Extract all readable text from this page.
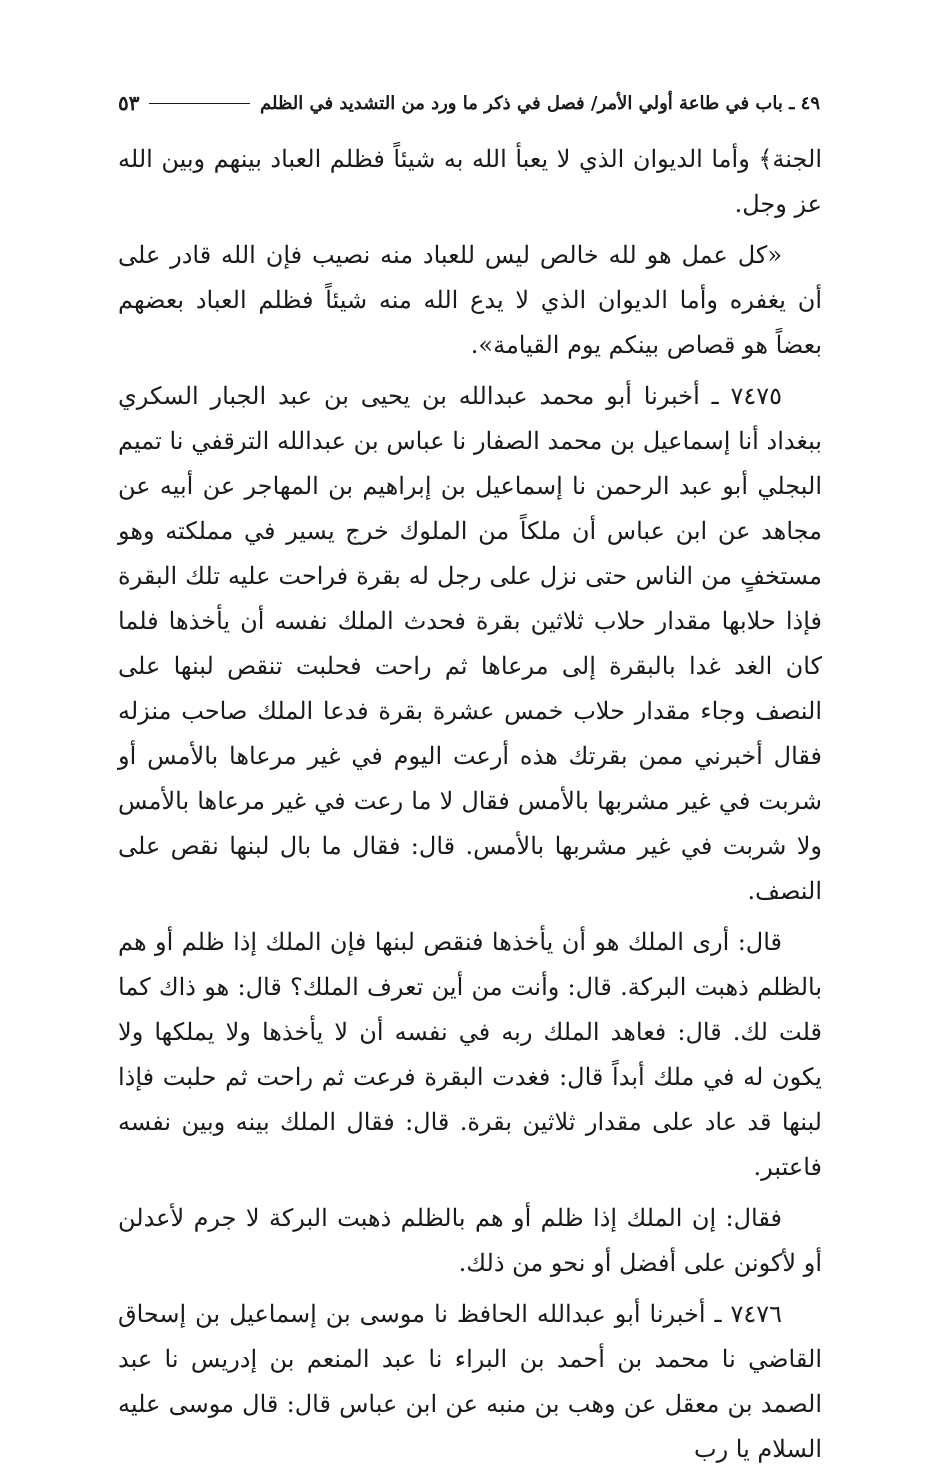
٤٩ ـ باب في طاعة أولي الأمر/ فصل في ذكر ما ورد من التشديد في الظلم
٥٣

الجنة﴾ وأما الديوان الذي لا يعبأ الله به شيئاً فظلم العباد بينهم وبين الله عز وجل.

«كل عمل هو لله خالص ليس للعباد منه نصيب فإن الله قادر على أن يغفره وأما الديوان الذي لا يدع الله منه شيئاً فظلم العباد بعضهم بعضاً هو قصاص بينكم يوم القيامة».

٧٤٧٥ ـ أخبرنا أبو محمد عبدالله بن يحيى بن عبد الجبار السكري ببغداد أنا إسماعيل بن محمد الصفار نا عباس بن عبدالله الترقفي نا تميم البجلي أبو عبد الرحمن نا إسماعيل بن إبراهيم بن المهاجر عن أبيه عن مجاهد عن ابن عباس أن ملكاً من الملوك خرج يسير في مملكته وهو مستخفٍ من الناس حتى نزل على رجل له بقرة فراحت عليه تلك البقرة فإذا حلابها مقدار حلاب ثلاثين بقرة فحدث الملك نفسه أن يأخذها فلما كان الغد غدا بالبقرة إلى مرعاها ثم راحت فحلبت تنقص لبنها على النصف وجاء مقدار حلاب خمس عشرة بقرة فدعا الملك صاحب منزله فقال أخبرني ممن بقرتك هذه أرعت اليوم في غير مرعاها بالأمس أو شربت في غير مشربها بالأمس فقال لا ما رعت في غير مرعاها بالأمس ولا شربت في غير مشربها بالأمس. قال: فقال ما بال لبنها نقص على النصف.

قال: أرى الملك هو أن يأخذها فنقص لبنها فإن الملك إذا ظلم أو هم بالظلم ذهبت البركة. قال: وأنت من أين تعرف الملك؟ قال: هو ذاك كما قلت لك. قال: فعاهد الملك ربه في نفسه أن لا يأخذها ولا يملكها ولا يكون له في ملك أبداً قال: فغدت البقرة فرعت ثم راحت ثم حلبت فإذا لبنها قد عاد على مقدار ثلاثين بقرة. قال: فقال الملك بينه وبين نفسه فاعتبر.

فقال: إن الملك إذا ظلم أو هم بالظلم ذهبت البركة لا جرم لأعدلن أو لأكونن على أفضل أو نحو من ذلك.

٧٤٧٦ ـ أخبرنا أبو عبدالله الحافظ نا موسى بن إسماعيل بن إسحاق القاضي نا محمد بن أحمد بن البراء نا عبد المنعم بن إدريس نا عبد الصمد بن معقل عن وهب بن منبه عن ابن عباس قال: قال موسى عليه السلام يا رب
